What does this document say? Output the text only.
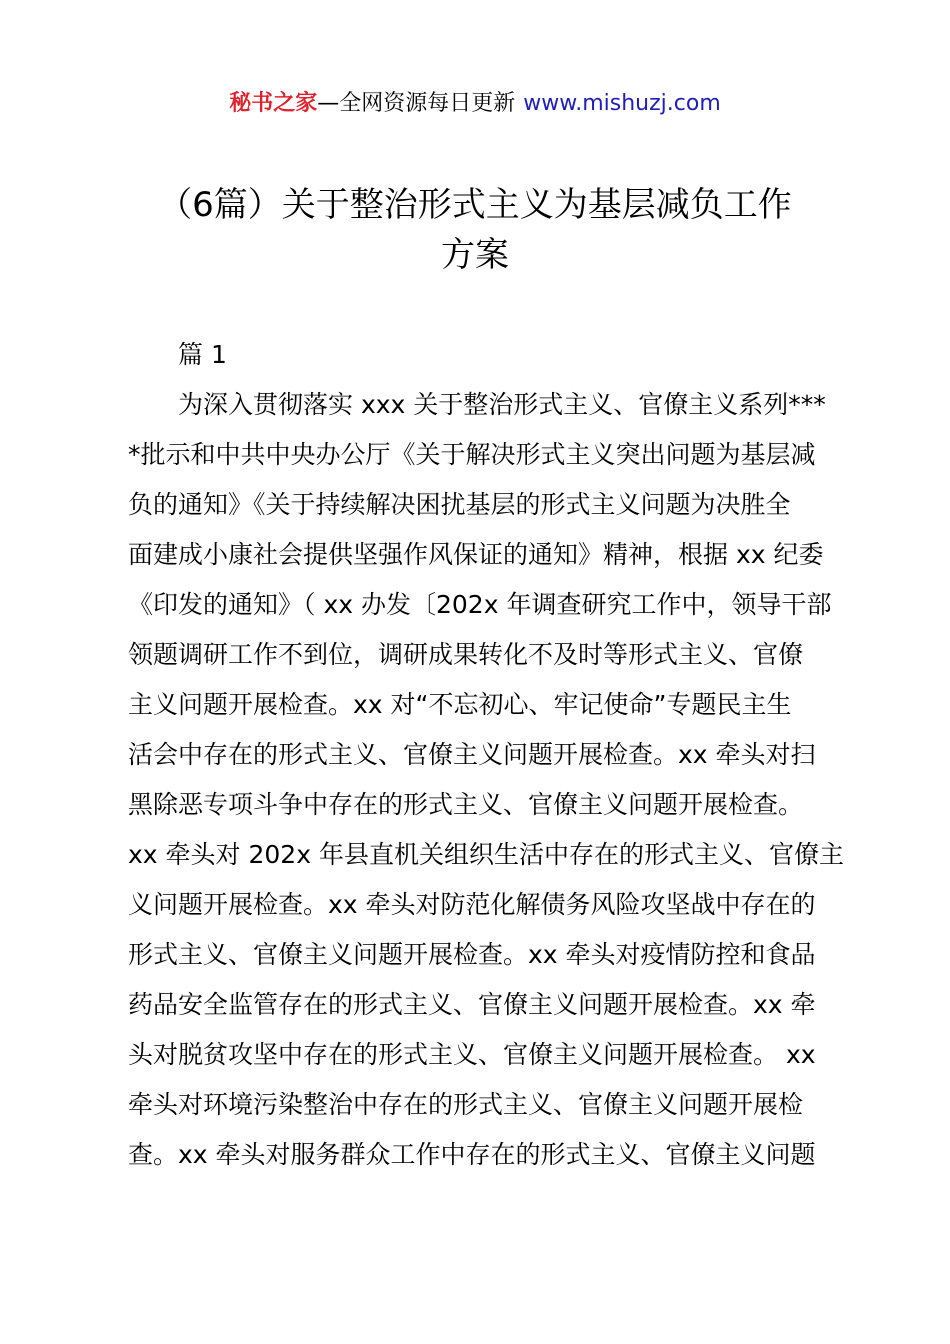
秘书之家—全网资源每日更新 www.mishuzj.com
（6篇）关于整治形式主义为基层减负工作
方案
篇 1
为深入贯彻落实 xxx 关于整治形式主义、官僚主义系列***
*批示和中共中央办公厅《关于解决形式主义突出问题为基层减
负的通知》《关于持续解决困扰基层的形式主义问题为决胜全
面建成小康社会提供坚强作风保证的通知》精神，根据 xx 纪委
《印发的通知》（ xx 办发〔202x 年调查研究工作中，领导干部
领题调研工作不到位，调研成果转化不及时等形式主义、官僚
主义问题开展检查。xx 对“不忘初心、牢记使命”专题民主生
活会中存在的形式主义、官僚主义问题开展检查。xx 牵头对扫
黑除恶专项斗争中存在的形式主义、官僚主义问题开展检查。
xx 牵头对 202x 年县直机关组织生活中存在的形式主义、官僚主
义问题开展检查。xx 牵头对防范化解债务风险攻坚战中存在的
形式主义、官僚主义问题开展检查。xx 牵头对疫情防控和食品
药品安全监管存在的形式主义、官僚主义问题开展检查。xx 牵
头对脱贫攻坚中存在的形式主义、官僚主义问题开展检查。 xx
牵头对环境污染整治中存在的形式主义、官僚主义问题开展检
查。xx 牵头对服务群众工作中存在的形式主义、官僚主义问题
